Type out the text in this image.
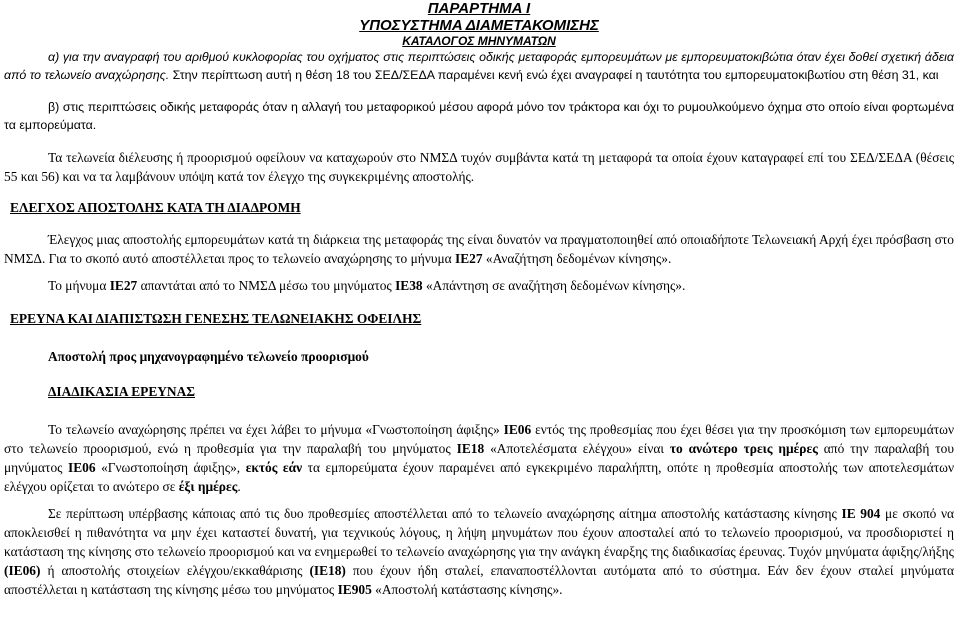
ΠΑΡΑΡΤΗΜΑ Ι
ΥΠΟΣΥΣΤΗΜΑ ΔΙΑΜΕΤΑΚΟΜΙΣΗΣ
ΚΑΤΑΛΟΓΟΣ ΜΗΝΥΜΑΤΩΝ

α) για την αναγραφή του αριθμού κυκλοφορίας του οχήματος στις περιπτώσεις οδικής μεταφοράς εμπορευμάτων με εμπορευματοκιβώτια όταν έχει δοθεί σχετική άδεια από το τελωνείο αναχώρησης. Στην περίπτωση αυτή η θέση 18 του ΣΕΔ/ΣΕΔΑ παραμένει κενή ενώ έχει αναγραφεί η ταυτότητα του εμπορευματοκιβωτίου στη θέση 31, και

β) στις περιπτώσεις οδικής μεταφοράς όταν η αλλαγή του μεταφορικού μέσου αφορά μόνο τον τράκτορα και όχι το ρυμουλκούμενο όχημα στο οποίο είναι φορτωμένα τα εμπορεύματα.

Τα τελωνεία διέλευσης ή προορισμού οφείλουν να καταχωρούν στο ΝΜΣΔ τυχόν συμβάντα κατά τη μεταφορά τα οποία έχουν καταγραφεί επί του ΣΕΔ/ΣΕΔΑ (θέσεις 55 και 56) και να τα λαμβάνουν υπόψη κατά τον έλεγχο της συγκεκριμένης αποστολής.

ΕΛΕΓΧΟΣ ΑΠΟΣΤΟΛΗΣ ΚΑΤΑ ΤΗ ΔΙΑΔΡΟΜΗ

Έλεγχος μιας αποστολής εμπορευμάτων κατά τη διάρκεια της μεταφοράς της είναι δυνατόν να πραγματοποιηθεί από οποιαδήποτε Τελωνειακή Αρχή έχει πρόσβαση στο ΝΜΣΔ. Για το σκοπό αυτό αποστέλλεται προς το τελωνείο αναχώρησης το μήνυμα ΙΕ27 «Αναζήτηση δεδομένων κίνησης».

Το μήνυμα ΙΕ27 απαντάται από το ΝΜΣΔ μέσω του μηνύματος ΙΕ38 «Απάντηση σε αναζήτηση δεδομένων κίνησης».

ΕΡΕΥΝΑ ΚΑΙ ΔΙΑΠΙΣΤΩΣΗ ΓΕΝΕΣΗΣ ΤΕΛΩΝΕΙΑΚΗΣ ΟΦΕΙΛΗΣ
Αποστολή προς μηχανογραφημένο τελωνείο προορισμού
ΔΙΑΔΙΚΑΣΙΑ ΕΡΕΥΝΑΣ

Το τελωνείο αναχώρησης πρέπει να έχει λάβει το μήνυμα «Γνωστοποίηση άφιξης» ΙΕ06 εντός της προθεσμίας που έχει θέσει για την προσκόμιση των εμπορευμάτων στο τελωνείο προορισμού, ενώ η προθεσμία για την παραλαβή του μηνύματος ΙΕ18 «Αποτελέσματα ελέγχου» είναι το ανώτερο τρεις ημέρες από την παραλαβή του μηνύματος ΙΕ06 «Γνωστοποίηση άφιξης», εκτός εάν τα εμπορεύματα έχουν παραμένει από εγκεκριμένο παραλήπτη, οπότε η προθεσμία αποστολής των αποτελεσμάτων ελέγχου ορίζεται το ανώτερο σε έξι ημέρες.

Σε περίπτωση υπέρβασης κάποιας από τις δυο προθεσμίες αποστέλλεται από το τελωνείο αναχώρησης αίτημα αποστολής κατάστασης κίνησης ΙΕ 904 με σκοπό να αποκλεισθεί η πιθανότητα να μην έχει καταστεί δυνατή, για τεχνικούς λόγους, η λήψη μηνυμάτων που έχουν αποσταλεί από το τελωνείο προορισμού, να προσδιοριστεί η κατάσταση της κίνησης στο τελωνείο προορισμού και να ενημερωθεί το τελωνείο αναχώρησης για την ανάγκη έναρξης της διαδικασίας έρευνας. Τυχόν μηνύματα άφιξης/λήξης (ΙΕ06) ή αποστολής στοιχείων ελέγχου/εκκαθάρισης (ΙΕ18) που έχουν ήδη σταλεί, επαναποστέλλονται αυτόματα από το σύστημα. Εάν δεν έχουν σταλεί μηνύματα αποστέλλεται η κατάσταση της κίνησης μέσω του μηνύματος ΙΕ905 «Αποστολή κατάστασης κίνησης».
